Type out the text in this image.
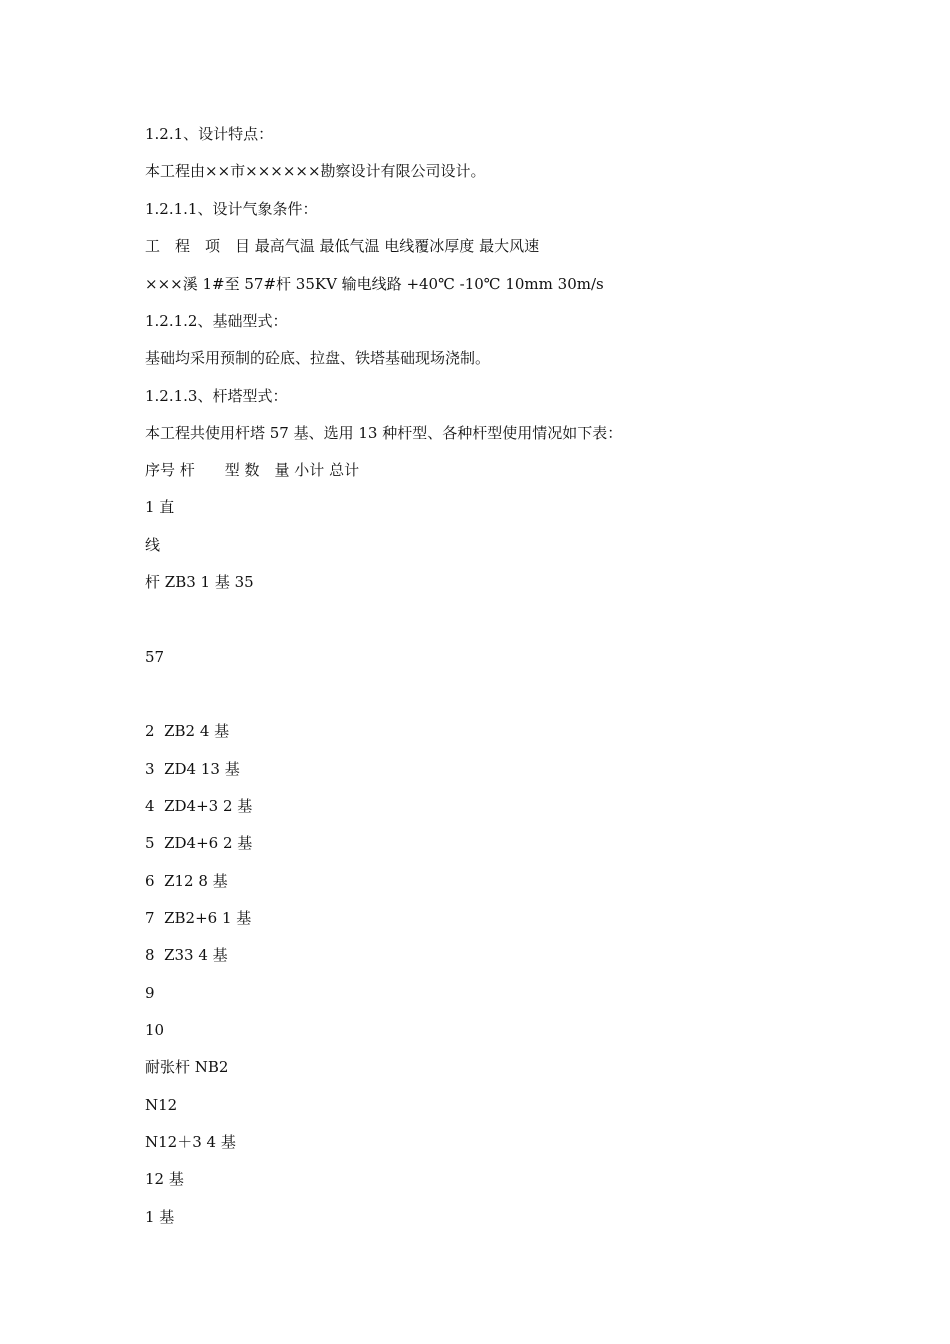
1.2.1、设计特点：

本工程由××市××××××勘察设计有限公司设计。

1.2.1.1、设计气象条件：

工　程　项　目 最高气温 最低气温 电线覆冰厚度 最大风速

×××溪 1#至 57#杆 35KV 输电线路 +40℃ -10℃ 10mm 30m/s

1.2.1.2、基础型式：

基础均采用预制的砼底、拉盘、铁塔基础现场浇制。

1.2.1.3、杆塔型式：

本工程共使用杆塔 57 基、选用 13 种杆型、各种杆型使用情况如下表：

序号 杆　　型 数　量 小计 总计

1 直

线

杆 ZB3 1 基 35

57

2  ZB2 4 基

3  ZD4 13 基

4  ZD4+3 2 基

5  ZD4+6 2 基

6  Z12 8 基

7  ZB2+6 1 基

8  Z33 4 基

9

10

耐张杆 NB2

N12

N12＋3 4 基

12 基

1 基
